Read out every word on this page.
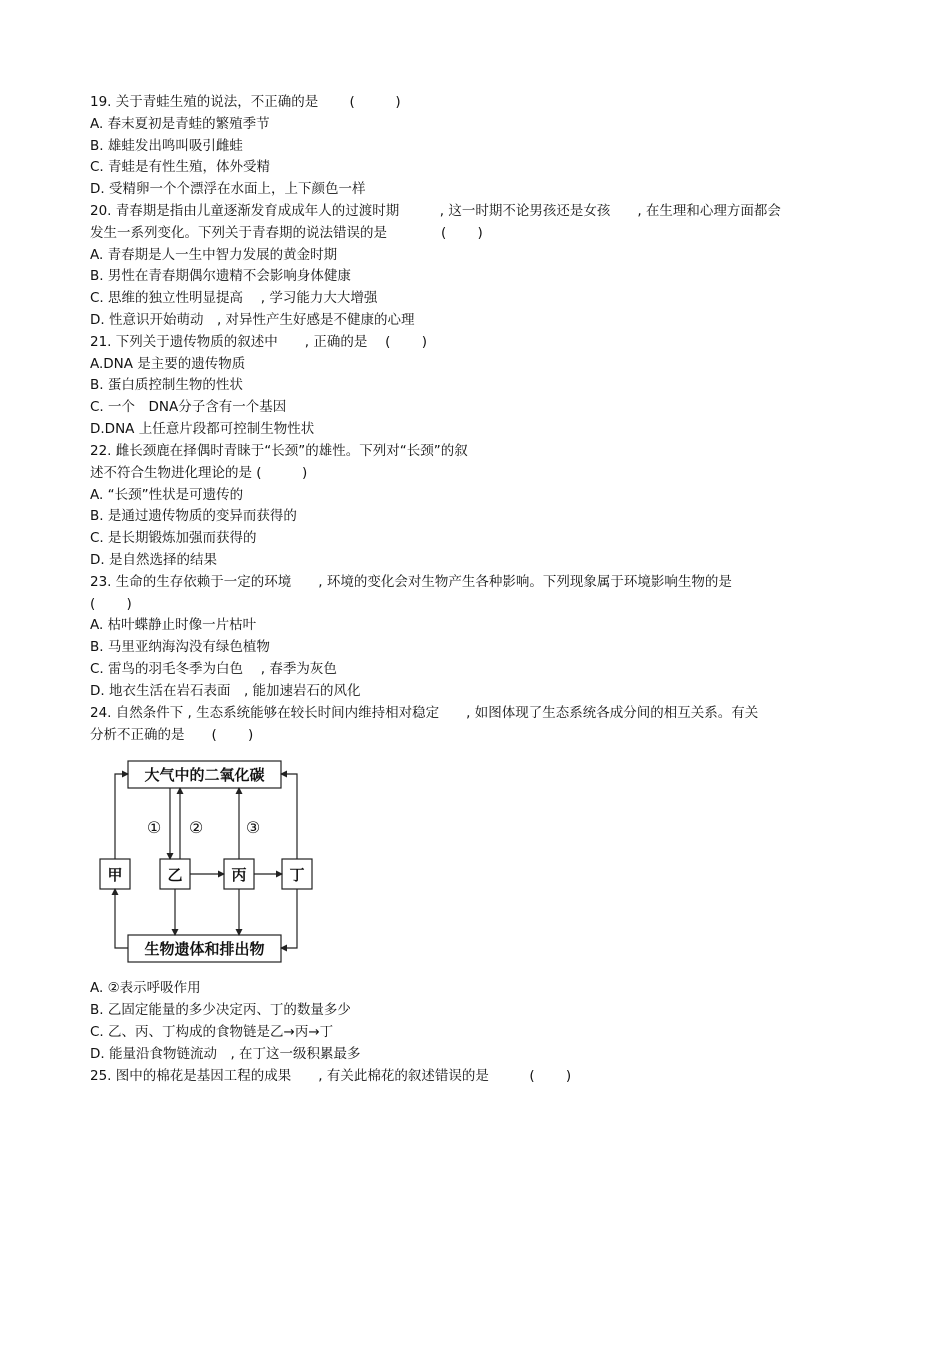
19. 关于青蛙生殖的说法，不正确的是　　 (　　　)
A. 春末夏初是青蛙的繁殖季节
B. 雄蛙发出鸣叫吸引雌蛙
C. 青蛙是有性生殖，体外受精
D. 受精卵一个个漂浮在水面上，上下颜色一样
20. 青春期是指由儿童逐渐发育成成年人的过渡时期　　　, 这一时期不论男孩还是女孩　　, 在生理和心理方面都会
发生一系列变化。下列关于青春期的说法错误的是　　　　(　　 )
A. 青春期是人一生中智力发展的黄金时期
B. 男性在青春期偶尔遗精不会影响身体健康
C. 思维的独立性明显提高　 , 学习能力大大增强
D. 性意识开始萌动　, 对异性产生好感是不健康的心理
21. 下列关于遗传物质的叙述中　　, 正确的是　 (　　 )
A.DNA 是主要的遗传物质
B. 蛋白质控制生物的性状
C. 一个　DNA分子含有一个基因
D.DNA 上任意片段都可控制生物性状
22. 雌长颈鹿在择偶时青睐于“长颈”的雄性。下列对“长颈”的叙
述不符合生物进化理论的是 (　　　)
A. “长颈”性状是可遗传的
B. 是通过遗传物质的变异而获得的
C. 是长期锻炼加强而获得的
D. 是自然选择的结果
23. 生命的生存依赖于一定的环境　　, 环境的变化会对生物产生各种影响。下列现象属于环境影响生物的是
(　　 )
A. 枯叶蝶静止时像一片枯叶
B. 马里亚纳海沟没有绿色植物
C. 雷鸟的羽毛冬季为白色　 , 春季为灰色
D. 地衣生活在岩石表面　, 能加速岩石的风化
24. 自然条件下 , 生态系统能够在较长时间内维持相对稳定　　, 如图体现了生态系统各成分间的相互关系。有关
分析不正确的是　　(　　 )
大气中的二氧化碳
生物遗体和排出物
甲	乙	丙	丁
① ②	③
A. ②表示呼吸作用
B. 乙固定能量的多少决定丙、丁的数量多少
C. 乙、丙、丁构成的食物链是乙→丙→丁
D. 能量沿食物链流动　, 在丁这一级积累最多
25. 图中的棉花是基因工程的成果　　, 有关此棉花的叙述错误的是　　　(　　 )
